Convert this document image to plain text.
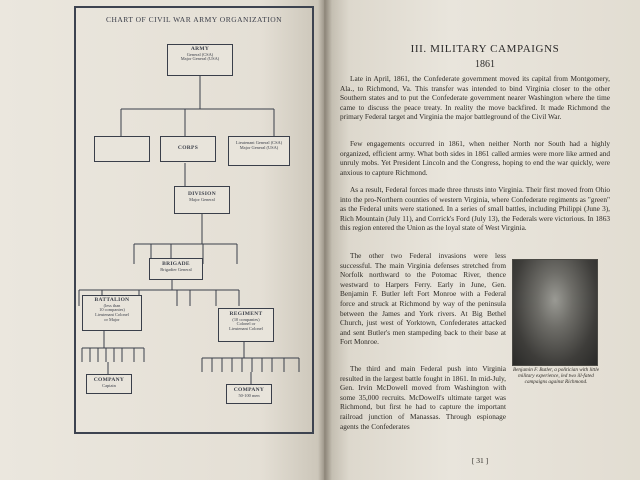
CHART OF CIVIL WAR ARMY ORGANIZATION
ARMY
General (CSA)
Major General (USA)
CORPS
Lieutenant General (CSA)
Major General (USA)
DIVISION
Major General
BRIGADE
Brigadier General
BATTALION
(less than
10 companies)
Lieutenant Colonel
or Major
REGIMENT
(10 companies)
Colonel or
Lieutenant Colonel
COMPANY
Captain
COMPANY
50-100 men
III. MILITARY CAMPAIGNS
1861

Late in April, 1861, the Confederate government moved its capital from Montgomery, Ala., to Richmond, Va. This transfer was intended to bind Virginia closer to the other Southern states and to put the Confederate government nearer Washington where the time came to discuss the peace treaty. In reality the move backfired. It made Richmond the primary Federal target and Virginia the major battleground of the Civil War.

Few engagements occurred in 1861, when neither North nor South had a highly organized, efficient army. What both sides in 1861 called armies were more like armed and unruly mobs. Yet President Lincoln and the Congress, hoping to end the war quickly, were anxious to capture Richmond.

As a result, Federal forces made three thrusts into Virginia. Their first moved from Ohio into the pro-Northern counties of western Virginia, where Confederate regiments as "green" as the Federal units were stationed. In a series of small battles, including Philippi (June 3), Rich Mountain (July 11), and Corrick's Ford (July 13), the Federals were victorious. In 1863 this region entered the Union as the loyal state of West Virginia.

The other two Federal invasions were less successful. The main Virginia defenses stretched from Norfolk northward to the Potomac River, thence westward to Harpers Ferry. Early in June, Gen. Benjamin F. Butler left Fort Monroe with a Federal force and struck at Richmond by way of the peninsula between the James and York rivers. At Big Bethel Church, just west of Yorktown, Confederates attacked and sent Butler's men stampeding back to their base at Fort Monroe.

The third and main Federal push into Virginia resulted in the largest battle fought in 1861. In mid-July, Gen. Irvin McDowell moved from Washington with some 35,000 recruits. McDowell's ultimate target was Richmond, but first he had to capture the important railroad junction of Manassas. Through espionage agents the Confederates

Benjamin F. Butler, a politician with little military experience, led two ill-fated campaigns against Richmond.

[ 31 ]
